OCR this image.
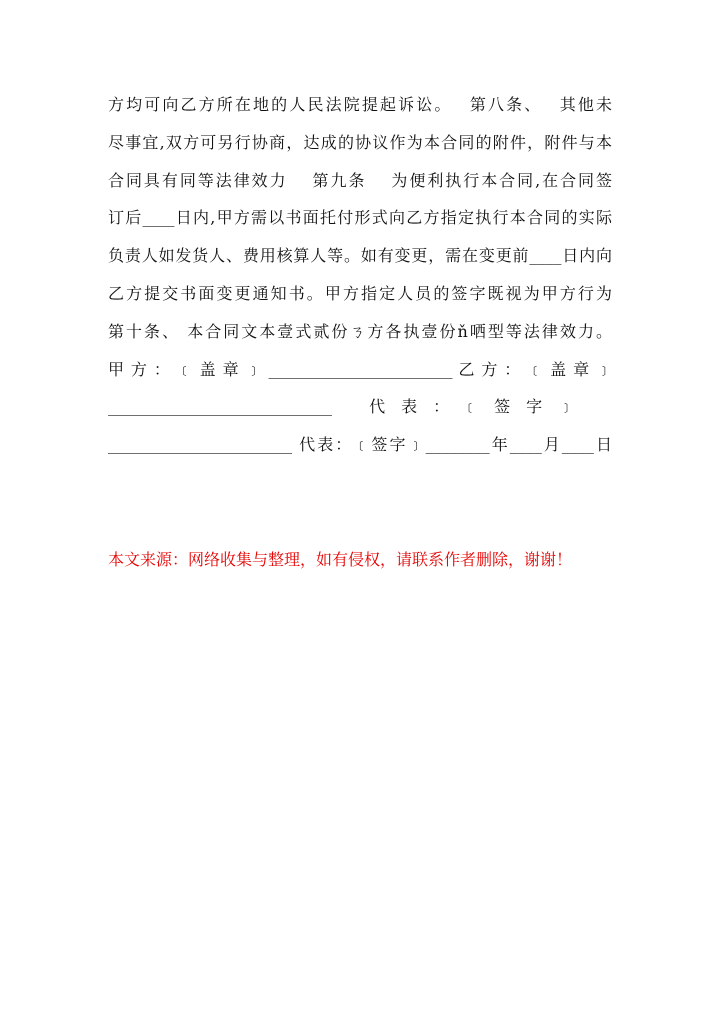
方均可向乙方所在地的人民法院提起诉讼。　 第八条、　 其他未
尽事宜,双方可另行协商，达成的协议作为本合同的附件，附件与本
合同具有同等法律效力　 第九条　 为便利执行本合同,在合同签
订后____日内,甲方需以书面托付形式向乙方指定执行本合同的实际
负责人如发货人、费用核算人等。如有变更，需在变更前____日内向
乙方提交书面变更通知书。甲方指定人员的签字既视为甲方行为
第十条、 本合同文本壹式贰份ㄋ方各执壹份ň哂型等法律效力。
甲 方 ： ﹝ 盖 章 ﹞ _______________________ 乙 方 ： ﹝ 盖 章 ﹞
____________________________　　 代　表　：　 ﹝　签　字　﹞
_______________________ 代表：﹝签字﹞________年____月____日
本文来源：网络收集与整理，如有侵权，请联系作者删除，谢谢！
